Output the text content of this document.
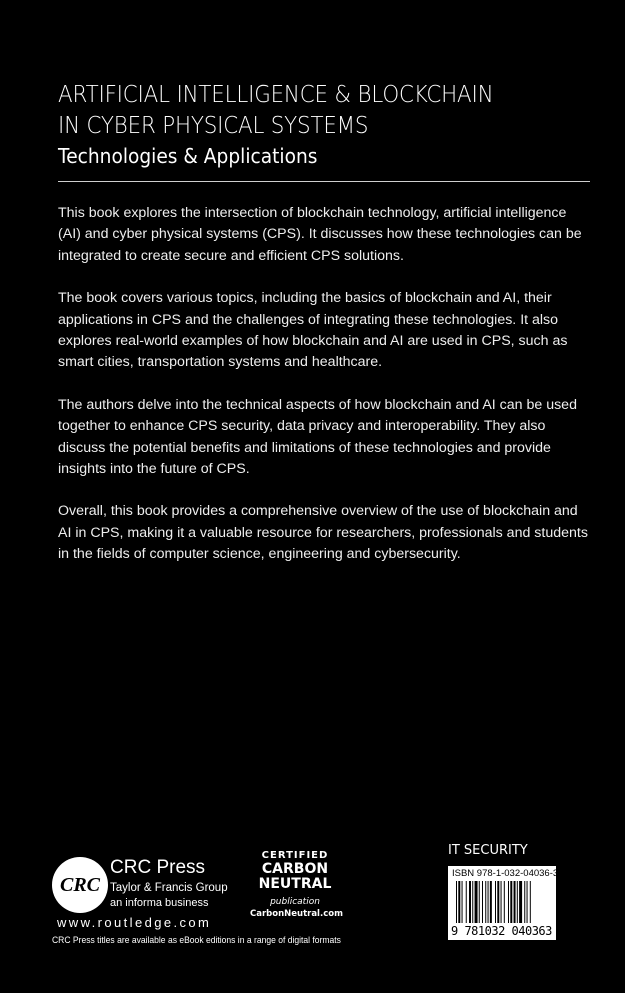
ARTIFICIAL INTELLIGENCE & BLOCKCHAIN
IN CYBER PHYSICAL SYSTEMS
Technologies & Applications

This book explores the intersection of blockchain technology, artificial intelligence (AI) and cyber physical systems (CPS). It discusses how these technologies can be integrated to create secure and efficient CPS solutions.

The book covers various topics, including the basics of blockchain and AI, their applications in CPS and the challenges of integrating these technologies. It also explores real-world examples of how blockchain and AI are used in CPS, such as smart cities, transportation systems and healthcare.

The authors delve into the technical aspects of how blockchain and AI can be used together to enhance CPS security, data privacy and interoperability. They also discuss the potential benefits and limitations of these technologies and provide insights into the future of CPS.

Overall, this book provides a comprehensive overview of the use of blockchain and AI in CPS, making it a valuable resource for researchers, professionals and students in the fields of computer science, engineering and cybersecurity.

CRC
CRC Press
Taylor & Francis Group
an informa business
www.routledge.com
CRC Press titles are available as eBook editions in a range of digital formats
CERTIFIED
CARBON
NEUTRAL
publication
CarbonNeutral.com
IT SECURITY
ISBN 978-1-032-04036-3
9 781032 040363
